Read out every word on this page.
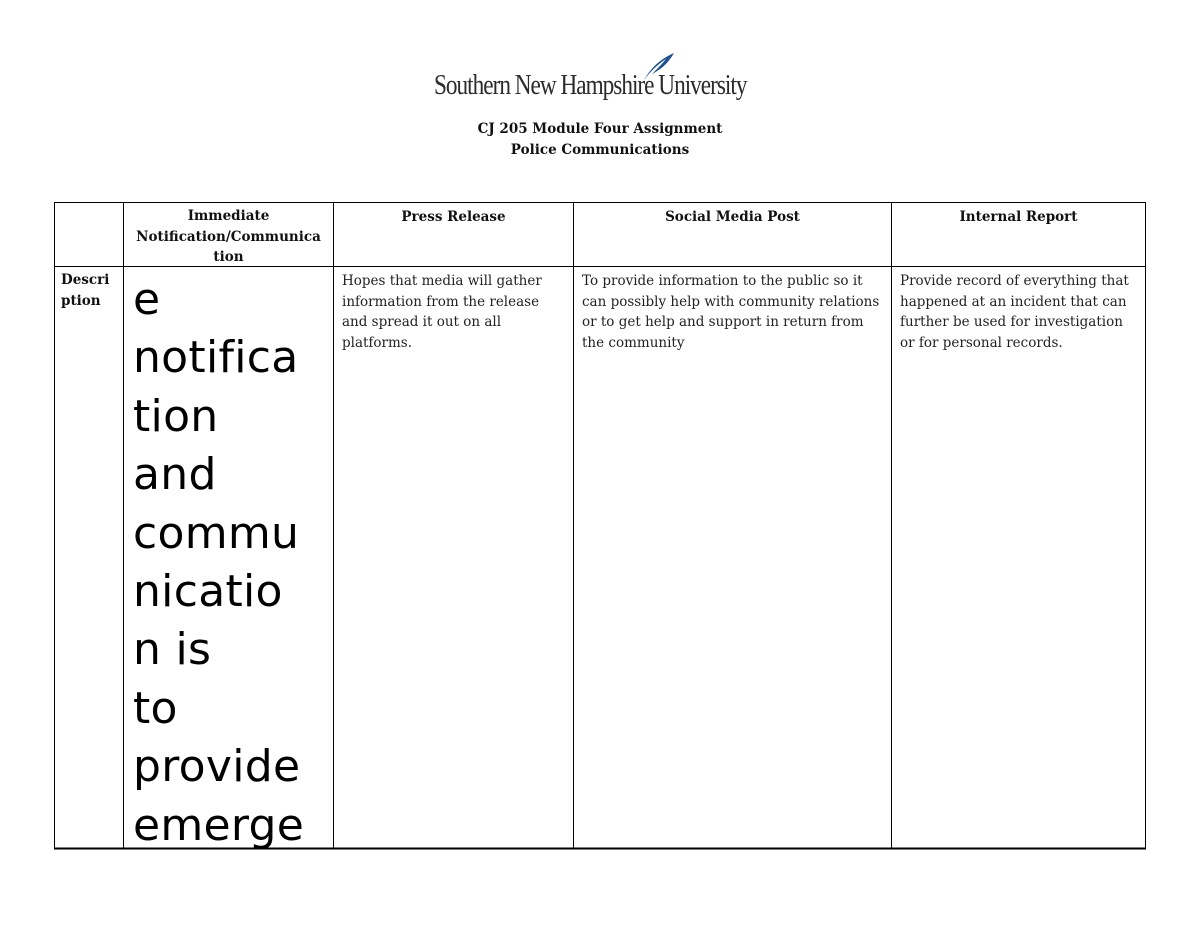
Southern New Hampshire University
CJ 205 Module Four Assignment
Police Communications
Immediate
Notification/Communica
tion
Press Release	Social Media Post	Internal Report
Descri
ption e
notifica
tion
and
commu
nicatio
n is
to
provide
emerge
Hopes that media will gather information from the release and spread it out on all platforms.
To provide information to the public so it can possibly help with community relations or to get help and support in return from the community
Provide record of everything that happened at an incident that can further be used for investigation or for personal records.
